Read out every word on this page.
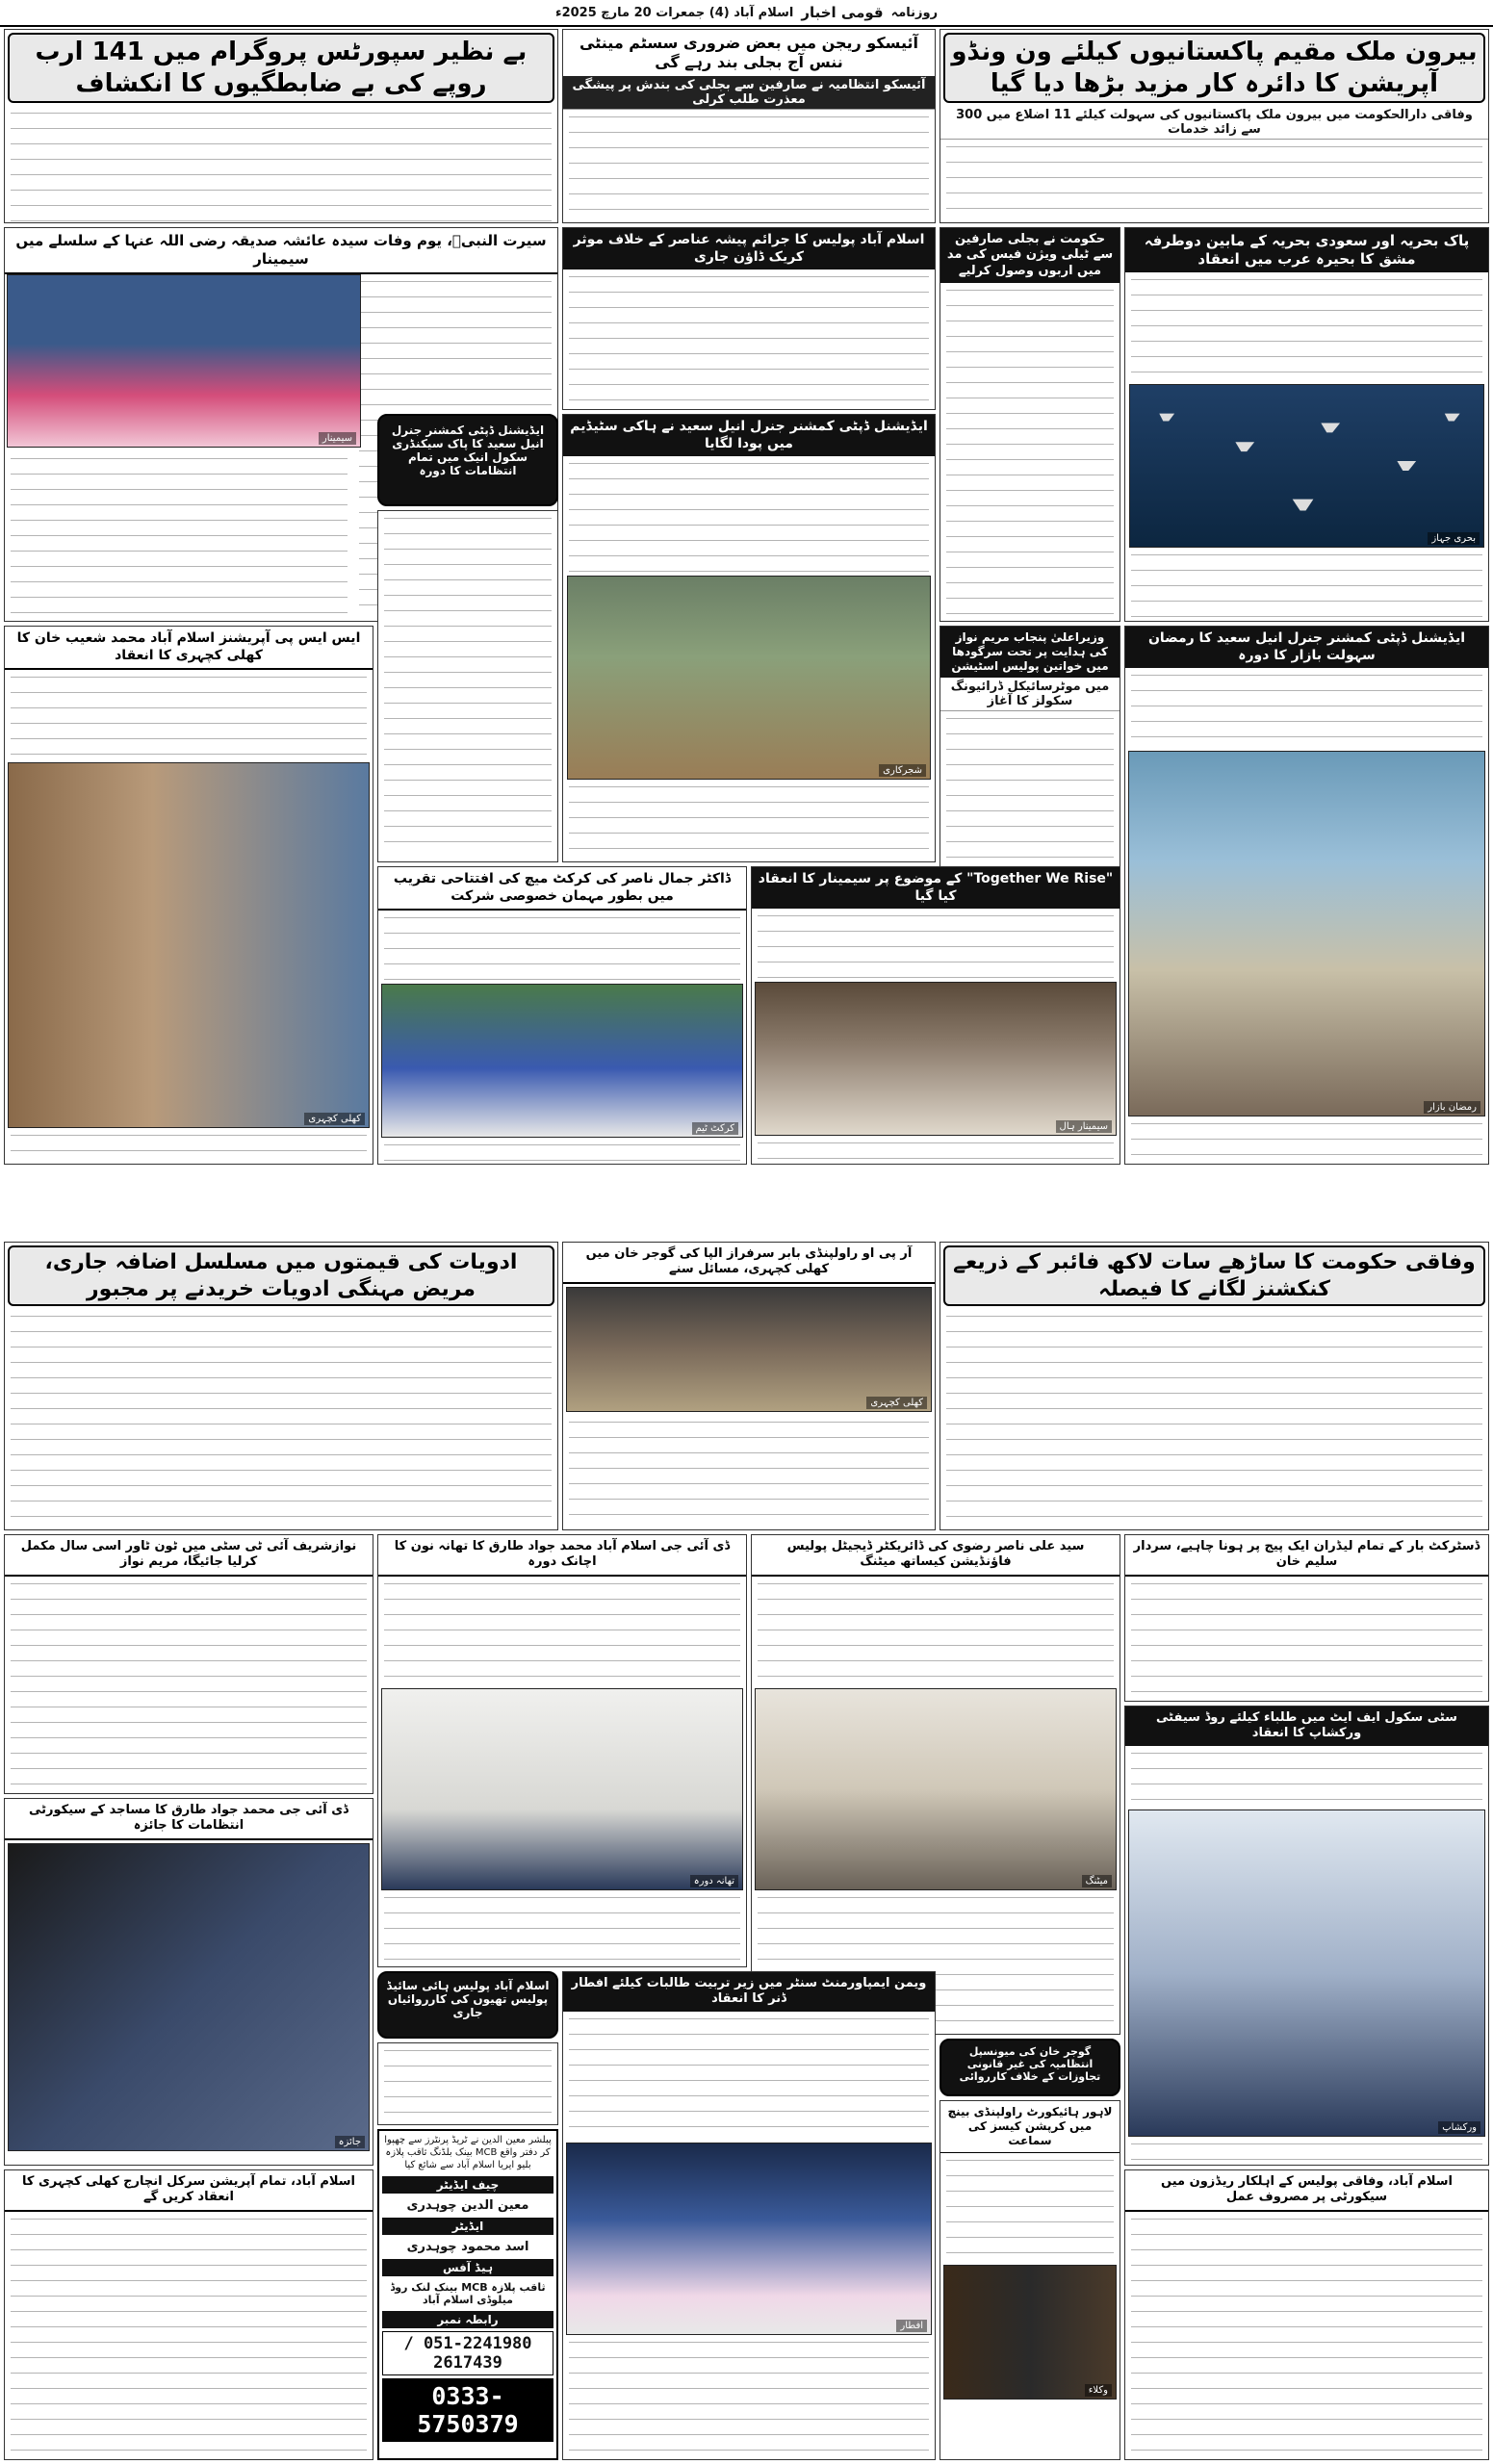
روزنامہ
قومی اخبار
اسلام آباد (4) جمعرات 20 مارچ 2025ء
بیرون ملک مقیم پاکستانیوں کیلئے ون ونڈو آپریشن کا دائرہ کار مزید بڑھا دیا گیا
وفاقی دارالحکومت میں بیرون ملک پاکستانیوں کی سہولت کیلئے 11 اضلاع میں 300 سے زائد خدمات
آئیسکو ریجن میں بعض ضروری سسٹم مینٹی ننس آج بجلی بند رہے گی
آئیسکو انتظامیہ نے صارفین سے بجلی کی بندش پر پیشگی معذرت طلب کرلی
بے نظیر سپورٹس پروگرام میں 141 ارب روپے کی بے ضابطگیوں کا انکشاف
پاک بحریہ اور سعودی بحریہ کے مابین دوطرفہ مشق کا بحیرہ عرب میں انعقاد
بحری جہاز
حکومت نے بجلی صارفین سے ٹیلی ویژن فیس کی مد میں اربوں وصول کرلیے
اسلام آباد پولیس کا جرائم پیشہ عناصر کے خلاف موثر کریک ڈاؤن جاری
سیرت النبیؐ، یوم وفات سیدہ عائشہ صدیقہ رضی اللہ عنہا کے سلسلے میں سیمینار
سیمینار
ایڈیشنل ڈپٹی کمشنر جنرل انیل سعید نے ہاکی سٹیڈیم میں پودا لگایا
شجرکاری
ایڈیشنل ڈپٹی کمشنر جنرل انیل سعید کا پاک سیکنڈری سکول انیک میں تمام انتظامات کا دورہ
ایس ایس پی آپریشنز اسلام آباد محمد شعیب خان کا کھلی کچہری کا انعقاد
کھلی کچہری
وزیراعلیٰ پنجاب مریم نواز کی ہدایت پر تحت سرگودھا میں خواتین پولیس اسٹیشن
میں موٹرسائیکل ڈرائیونگ سکولز کا آغاز
ایڈیشنل ڈپٹی کمشنر جنرل انیل سعید کا رمضان سہولت بازار کا دورہ
رمضان بازار
ڈاکٹر جمال ناصر کی کرکٹ میچ کی افتتاحی تقریب میں بطور مہمان خصوصی شرکت
کرکٹ ٹیم
"Together We Rise" کے موضوع پر سیمینار کا انعقاد کیا گیا
سیمینار ہال
وفاقی حکومت کا ساڑھے سات لاکھ فائبر کے ذریعے کنکشنز لگانے کا فیصلہ
آر پی او راولپنڈی بابر سرفراز الپا کی گوجر خان میں کھلی کچہری، مسائل سنے
کھلی کچہری
ادویات کی قیمتوں میں مسلسل اضافہ جاری، مریض مہنگی ادویات خریدنے پر مجبور
ڈسٹرکٹ بار کے تمام لیڈران ایک پیج پر ہونا چاہیے، سردار سلیم خان
سید علی ناصر رضوی کی ڈائریکٹر ڈیجیٹل پولیس فاؤنڈیشن کیساتھ میٹنگ
میٹنگ
ڈی آئی جی اسلام آباد محمد جواد طارق کا تھانہ نون کا اچانک دورہ
تھانہ دورہ
نوازشریف آئی ٹی سٹی میں ٹون ٹاور اسی سال مکمل کرلیا جائیگا، مریم نواز
سٹی سکول ایف ایٹ میں طلباء کیلئے روڈ سیفٹی ورکشاپ کا انعقاد
ورکشاپ
ڈی آئی جی محمد جواد طارق کا مساجد کے سیکورٹی انتظامات کا جائزہ
جائزہ
اسلام آباد پولیس ہائی سائیڈ پولیس تھیوں کی کارروائیاں جاری
ویمن ایمپاورمنٹ سنٹر میں زیر تربیت طالبات کیلئے افطار ڈنر کا انعقاد
افطار
گوجر خان کی میونسپل انتظامیہ کی غیر قانونی تجاوزات کے خلاف کارروائی
لاہور ہائیکورٹ راولپنڈی بینچ میں کرپشن کیسز کی سماعت
وکلاء
اسلام آباد، تمام آپریشن سرکل انچارج کھلی کچہری کا انعقاد کریں گے
اسلام آباد، وفاقی پولیس کے اہلکار ریڈزون میں سیکورٹی پر مصروف عمل
پبلشر معین الدین نے ٹریڈ پرنٹرز سے چھپوا کر دفتر واقع MCB بینک بلڈنگ ثاقب پلازہ بلیو ایریا اسلام آباد سے شائع کیا
چیف ایڈیٹر
معین الدین چوہدری
ایڈیٹر
اسد محمود چوہدری
ہیڈ آفس
ثاقب پلازہ MCB بینک لنک روڈ میلوڈی اسلام آباد
رابطہ نمبر
051-2241980 / 2617439
0333-5750379
